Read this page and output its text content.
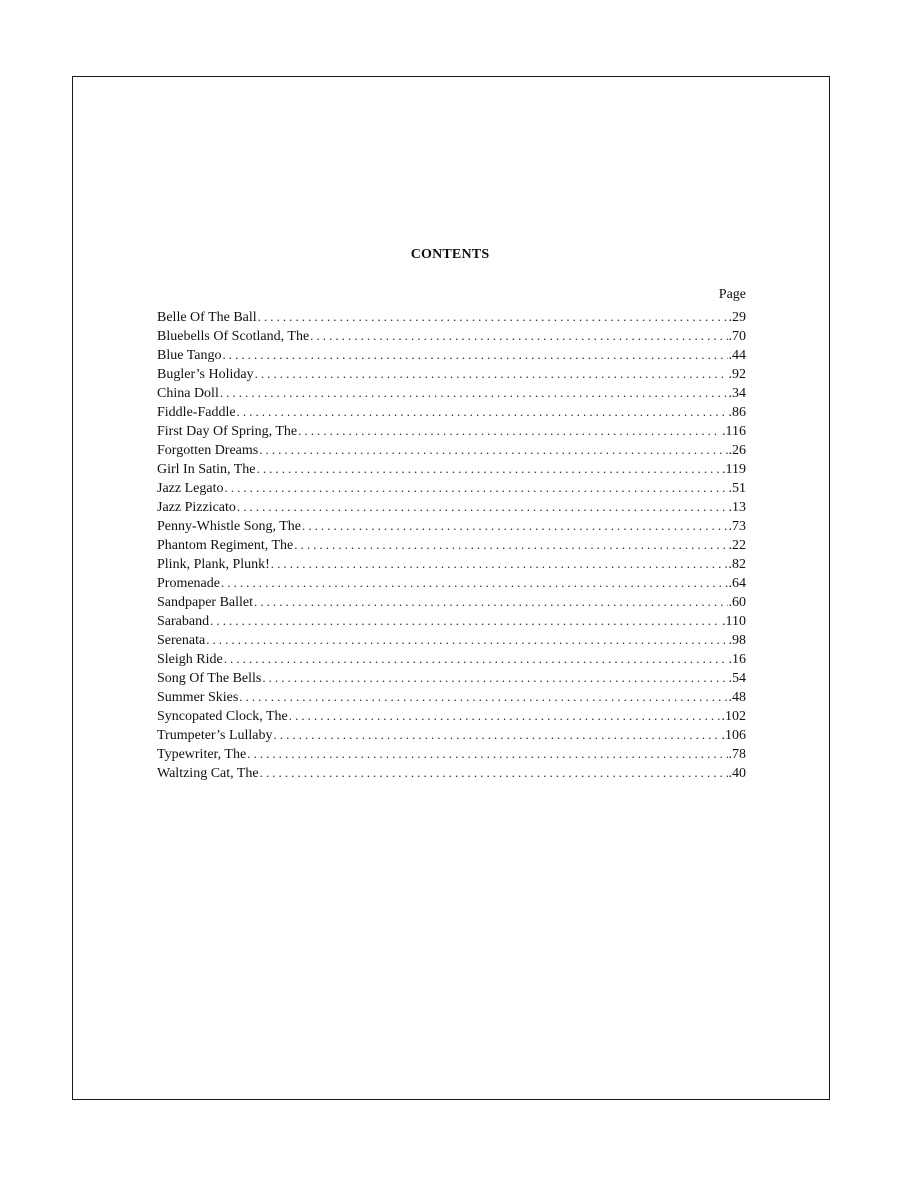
CONTENTS
Page
Belle Of The Ball . . .	.29
Bluebells Of Scotland, The . . .	.70
Blue Tango . . .	.44
Bugler’s Holiday . . .	.92
China Doll . . .	.34
Fiddle-Faddle . . .	.86
First Day Of Spring, The . . .	.116
Forgotten Dreams . . .	.26
Girl In Satin, The . . .	.119
Jazz Legato . . .	.51
Jazz Pizzicato . . .	.13
Penny-Whistle Song, The . . .	.73
Phantom Regiment, The . . .	.22
Plink, Plank, Plunk! . . .	.82
Promenade . . .	.64
Sandpaper Ballet . . .	.60
Saraband . . .	.110
Serenata . . .	.98
Sleigh Ride . . .	.16
Song Of The Bells . . .	.54
Summer Skies . . .	.48
Syncopated Clock, The . . .	.102
Trumpeter’s Lullaby . . .	.106
Typewriter, The . . .	.78
Waltzing Cat, The . . .	.40
